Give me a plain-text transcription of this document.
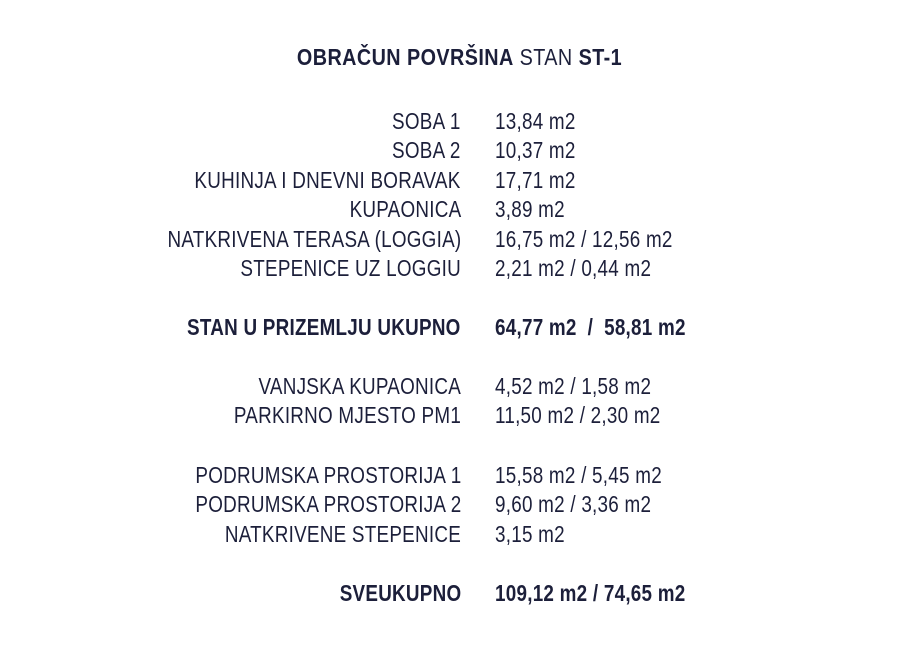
OBRAČUN POVRŠINA STAN ST-1
SOBA 1 13,84 m2
SOBA 2 10,37 m2
KUHINJA I DNEVNI BORAVAK 17,71 m2
KUPAONICA 3,89 m2
NATKRIVENA TERASA (LOGGIA) 16,75 m2 / 12,56 m2
STEPENICE UZ LOGGIU 2,21 m2 / 0,44 m2
STAN U PRIZEMLJU UKUPNO 64,77 m2  /  58,81 m2
VANJSKA KUPAONICA 4,52 m2 / 1,58 m2
PARKIRNO MJESTO PM1 11,50 m2 / 2,30 m2
PODRUMSKA PROSTORIJA 1 15,58 m2 / 5,45 m2
PODRUMSKA PROSTORIJA 2 9,60 m2 / 3,36 m2
NATKRIVENE STEPENICE 3,15 m2
SVEUKUPNO 109,12 m2 / 74,65 m2
